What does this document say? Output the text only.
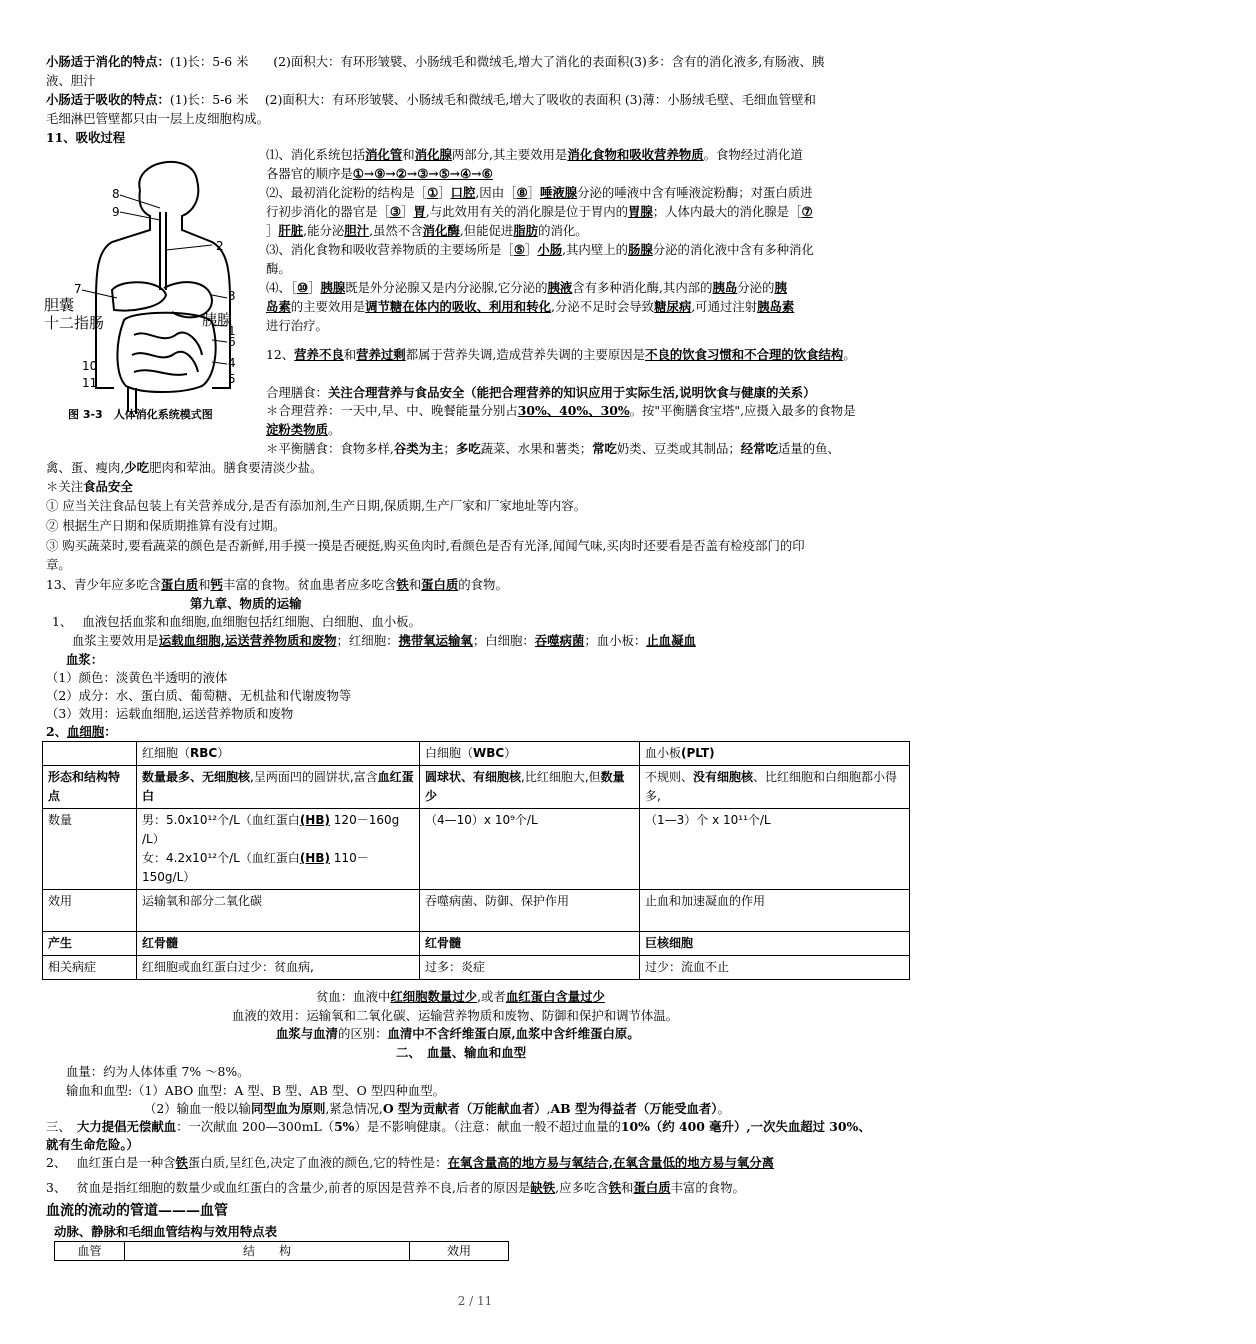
小肠适于消化的特点：(1)长：5-6 米　　(2)面积大：有环形皱襞、小肠绒毛和微绒毛,增大了消化的表面积(3)多：含有的消化液多,有肠液、胰
液、胆汁
小肠适于吸收的特点：(1)长：5-6 米　 (2)面积大：有环形皱襞、小肠绒毛和微绒毛,增大了吸收的表面积 (3)薄：小肠绒毛壁、毛细血管壁和
毛细淋巴管壁都只由一层上皮细胞构成。
11、吸收过程
8
9
2
7	3
6
4
1
5
10
11
胆囊
十二指肠	胰腺
图 3-3　人体消化系统模式图
⑴、消化系统包括消化管和消化腺两部分,其主要效用是消化食物和吸收营养物质。食物经过消化道
各器官的顺序是①→⑨→②→③→⑤→④→⑥
⑵、最初消化淀粉的结构是［①］口腔,因由［⑧］唾液腺分泌的唾液中含有唾液淀粉酶；对蛋白质进
行初步消化的器官是［③］胃,与此效用有关的消化腺是位于胃内的胃腺；人体内最大的消化腺是［⑦
］肝脏,能分泌胆汁,虽然不含消化酶,但能促进脂肪的消化。
⑶、消化食物和吸收营养物质的主要场所是［⑤］小肠,其内壁上的肠腺分泌的消化液中含有多种消化
酶。
⑷、［⑩］胰腺既是外分泌腺又是内分泌腺,它分泌的胰液含有多种消化酶,其内部的胰岛分泌的胰
岛素的主要效用是调节糖在体内的吸收、利用和转化,分泌不足时会导致糖尿病,可通过注射胰岛素
进行治疗。
12、营养不良和营养过剩都属于营养失调,造成营养失调的主要原因是不良的饮食习惯和不合理的饮食结构。
合理膳食：关注合理营养与食品安全（能把合理营养的知识应用于实际生活,说明饮食与健康的关系）
＊合理营养：一天中,早、中、晚餐能量分别占30%、40%、30%。按"平衡膳食宝塔",应摄入最多的食物是
淀粉类物质。
＊平衡膳食：食物多样,谷类为主；多吃蔬菜、水果和薯类；常吃奶类、豆类或其制品；经常吃适量的鱼、
禽、蛋、瘦肉,少吃肥肉和荤油。膳食要清淡少盐。
＊关注食品安全
① 应当关注食品包装上有关营养成分,是否有添加剂,生产日期,保质期,生产厂家和厂家地址等内容。
② 根据生产日期和保质期推算有没有过期。
③ 购买蔬菜时,要看蔬菜的颜色是否新鲜,用手摸一摸是否硬挺,购买鱼肉时,看颜色是否有光泽,闻闻气味,买肉时还要看是否盖有检疫部门的印
章。
13、青少年应多吃含蛋白质和钙丰富的食物。贫血患者应多吃含铁和蛋白质的食物。
第九章、物质的运输
1、　 血液包括血浆和血细胞,血细胞包括红细胞、白细胞、血小板。
血浆主要效用是运载血细胞,运送营养物质和废物；红细胞：携带氧运输氧；白细胞：吞噬病菌；血小板：止血凝血
血浆：
（1）颜色：淡黄色半透明的液体
（2）成分：水、蛋白质、葡萄糖、无机盐和代谢废物等
（3）效用：运载血细胞,运送营养物质和废物
2、血细胞：
	红细胞（RBC）	白细胞（WBC）	血小板(PLT)
形态和结构特点	数量最多、无细胞核,呈两面凹的圆饼状,富含血红蛋白	圆球状、有细胞核,比红细胞大,但数量少	不规则、没有细胞核、比红细胞和白细胞都小得多,
数量	男：5.0x10¹²个/L（血红蛋白(HB) 120－160g /L）
女：4.2x10¹²个/L（血红蛋白(HB) 110－150g/L）	（4—10）x 10⁹个/L	（1—3）个 x 10¹¹个/L
效用	运输氧和部分二氧化碳	吞噬病菌、防御、保护作用	止血和加速凝血的作用
产生	红骨髓	红骨髓	巨核细胞
相关病症	红细胞或血红蛋白过少：贫血病,	过多：炎症	过少：流血不止
贫血：血液中红细胞数量过少,或者血红蛋白含量过少
血液的效用：运输氧和二氧化碳、运输营养物质和废物、防御和保护和调节体温。
血浆与血清的区别：血清中不含纤维蛋白原,血浆中含纤维蛋白原。
二、　血量、输血和血型
血量：约为人体体重 7% ～8%。
输血和血型:（1）ABO 血型：A 型、B 型、AB 型、O 型四种血型。
（2）输血一般以输同型血为原则,紧急情况,O 型为贡献者（万能献血者）,AB 型为得益者（万能受血者）。
三、　大力提倡无偿献血：一次献血 200—300mL（5%）是不影响健康。（注意：献血一般不超过血量的10%（约 400 毫升）,一次失血超过 30%、
就有生命危险。）
2、　 血红蛋白是一种含铁蛋白质,呈红色,决定了血液的颜色,它的特性是：在氧含量高的地方易与氧结合,在氧含量低的地方易与氧分离
3、　 贫血是指红细胞的数量少或血红蛋白的含量少,前者的原因是营养不良,后者的原因是缺铁,应多吃含铁和蛋白质丰富的食物。
血流的流动的管道———血管
动脉、静脉和毛细血管结构与效用特点表
血管	结　　构	效用
2 / 11
